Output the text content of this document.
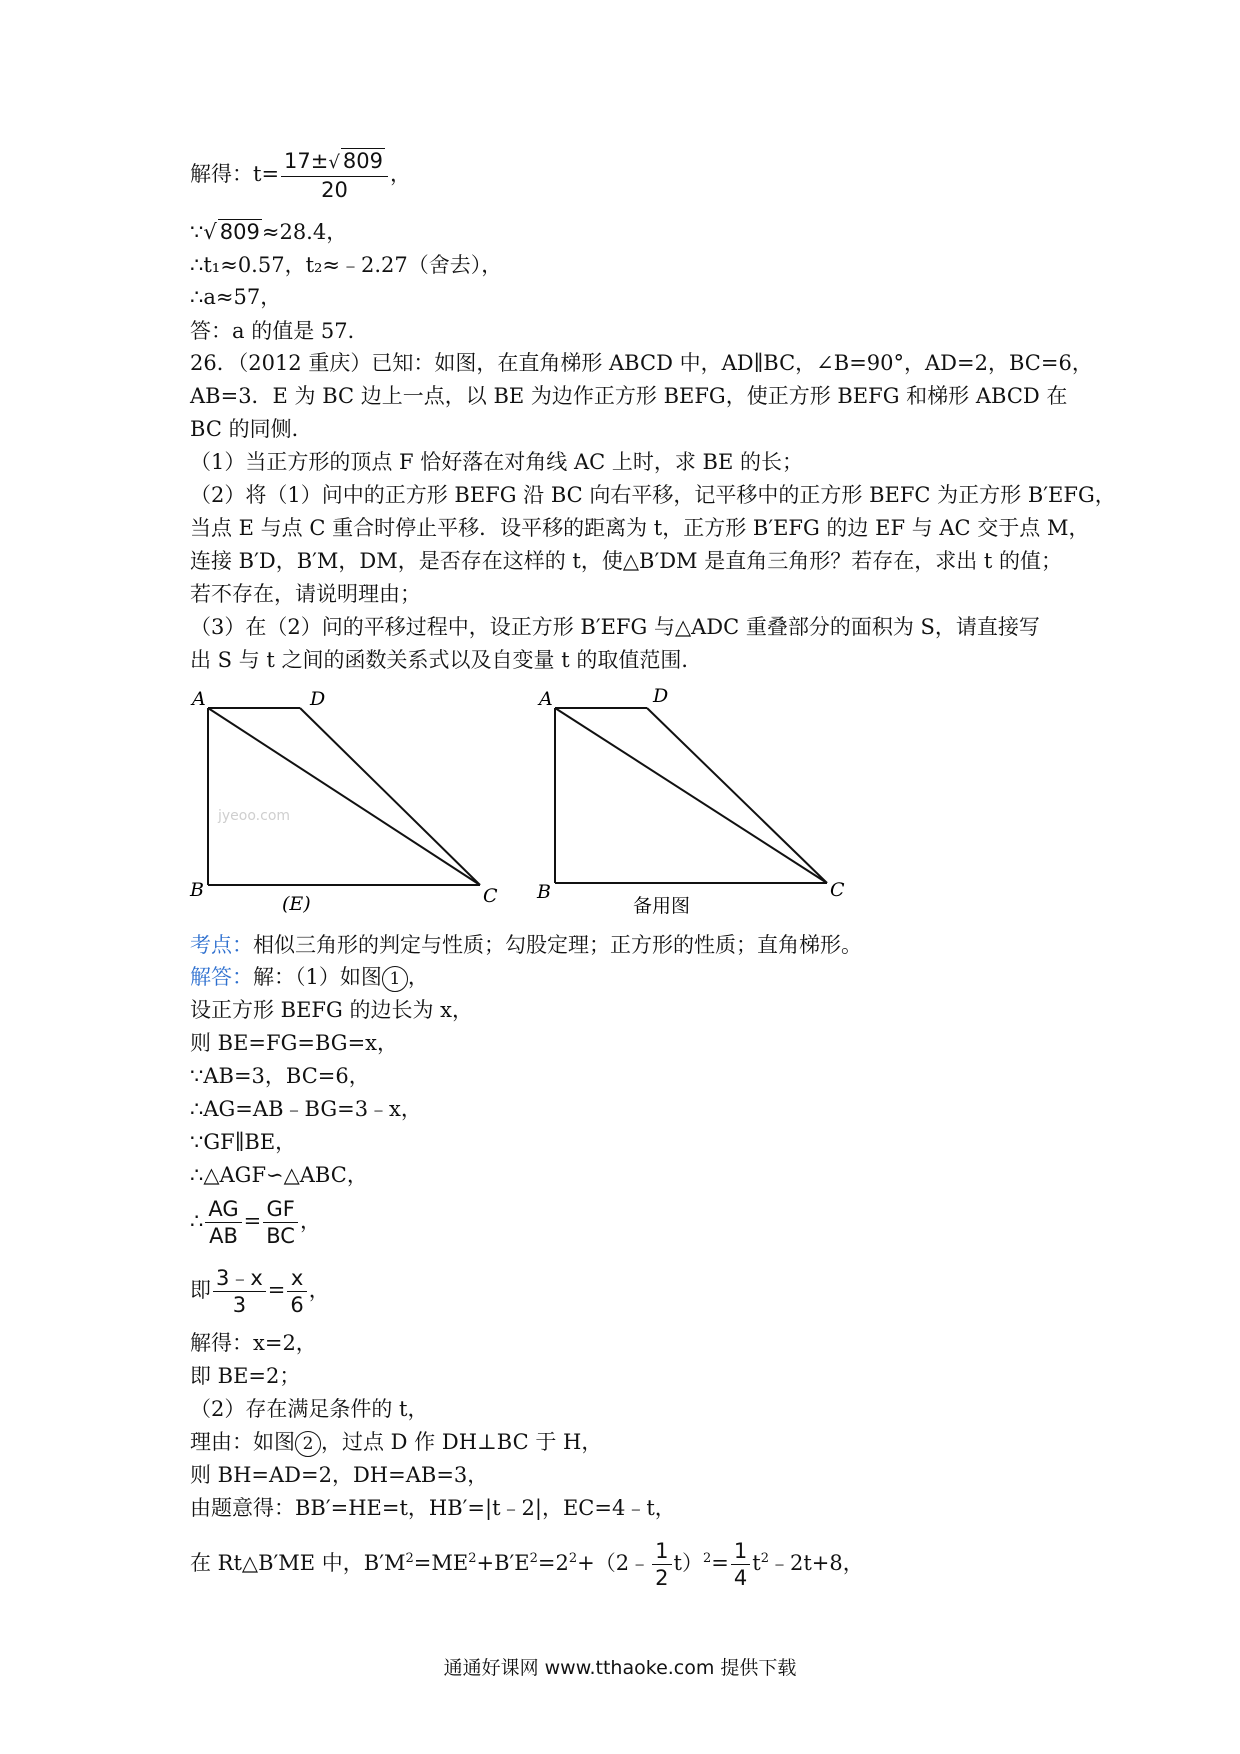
解得：$t= \frac{17\pm√ 809}{20}$ ，
∵√ 809≈28.4，
∴t₁≈0.57，t₂≈﹣2.27（舍去），
∴a≈57，
答：a 的值是 57．
26．（2012 重庆）已知：如图，在直角梯形 ABCD 中，AD∥BC，∠B=90°，AD=2，BC=6，
AB=3．E 为 BC 边上一点，以 BE 为边作正方形 BEFG，使正方形 BEFG 和梯形 ABCD 在
BC 的同侧．
（1）当正方形的顶点 F 恰好落在对角线 AC 上时，求 BE 的长；
（2）将（1）问中的正方形 BEFG 沿 BC 向右平移，记平移中的正方形 BEFC 为正方形 B′EFG，
当点 E 与点 C 重合时停止平移．设平移的距离为 t，正方形 B′EFG 的边 EF 与 AC 交于点 M，
连接 B′D，B′M，DM，是否存在这样的 t，使△B′DM 是直角三角形？若存在，求出 t 的值；
若不存在，请说明理由；
（3）在（2）问的平移过程中，设正方形 B′EFG 与△ADC 重叠部分的面积为 S，请直接写
出 S 与 t 之间的函数关系式以及自变量 t 的取值范围．
A	D
B	C
(E)
jyeoo.com
A	D
B	C
备用图
考点：相似三角形的判定与性质；勾股定理；正方形的性质；直角梯形。
解答：解：（1）如图 1 ，
设正方形 BEFG 的边长为 x，
则 BE=FG=BG=x，
∵AB=3，BC=6，
∴AG=AB﹣BG=3﹣x，
∵GF∥BE，
∴△AGF∽△ABC，
∴ $\frac{AG}{AB} = \frac{GF}{BC}$ ，
即 $\frac{3﹣x}{3} = \frac{x}{6}$ ，
解得：x=2，
即 BE=2；
（2）存在满足条件的 t，
理由：如图 2 ，过点 D 作 DH⊥BC 于 H，
则 BH=AD=2，DH=AB=3，
由题意得：BB′=HE=t，HB′=|t﹣2|，EC=4﹣t，
在 Rt△B′ME 中，$B'M^2=ME^2+B'E^2=2^2+(2﹣ \frac{1}{2} t)^2= \frac{1}{4}$ $t^2﹣2t+8$，
通通好课网 www.tthaoke.com 提供下载
